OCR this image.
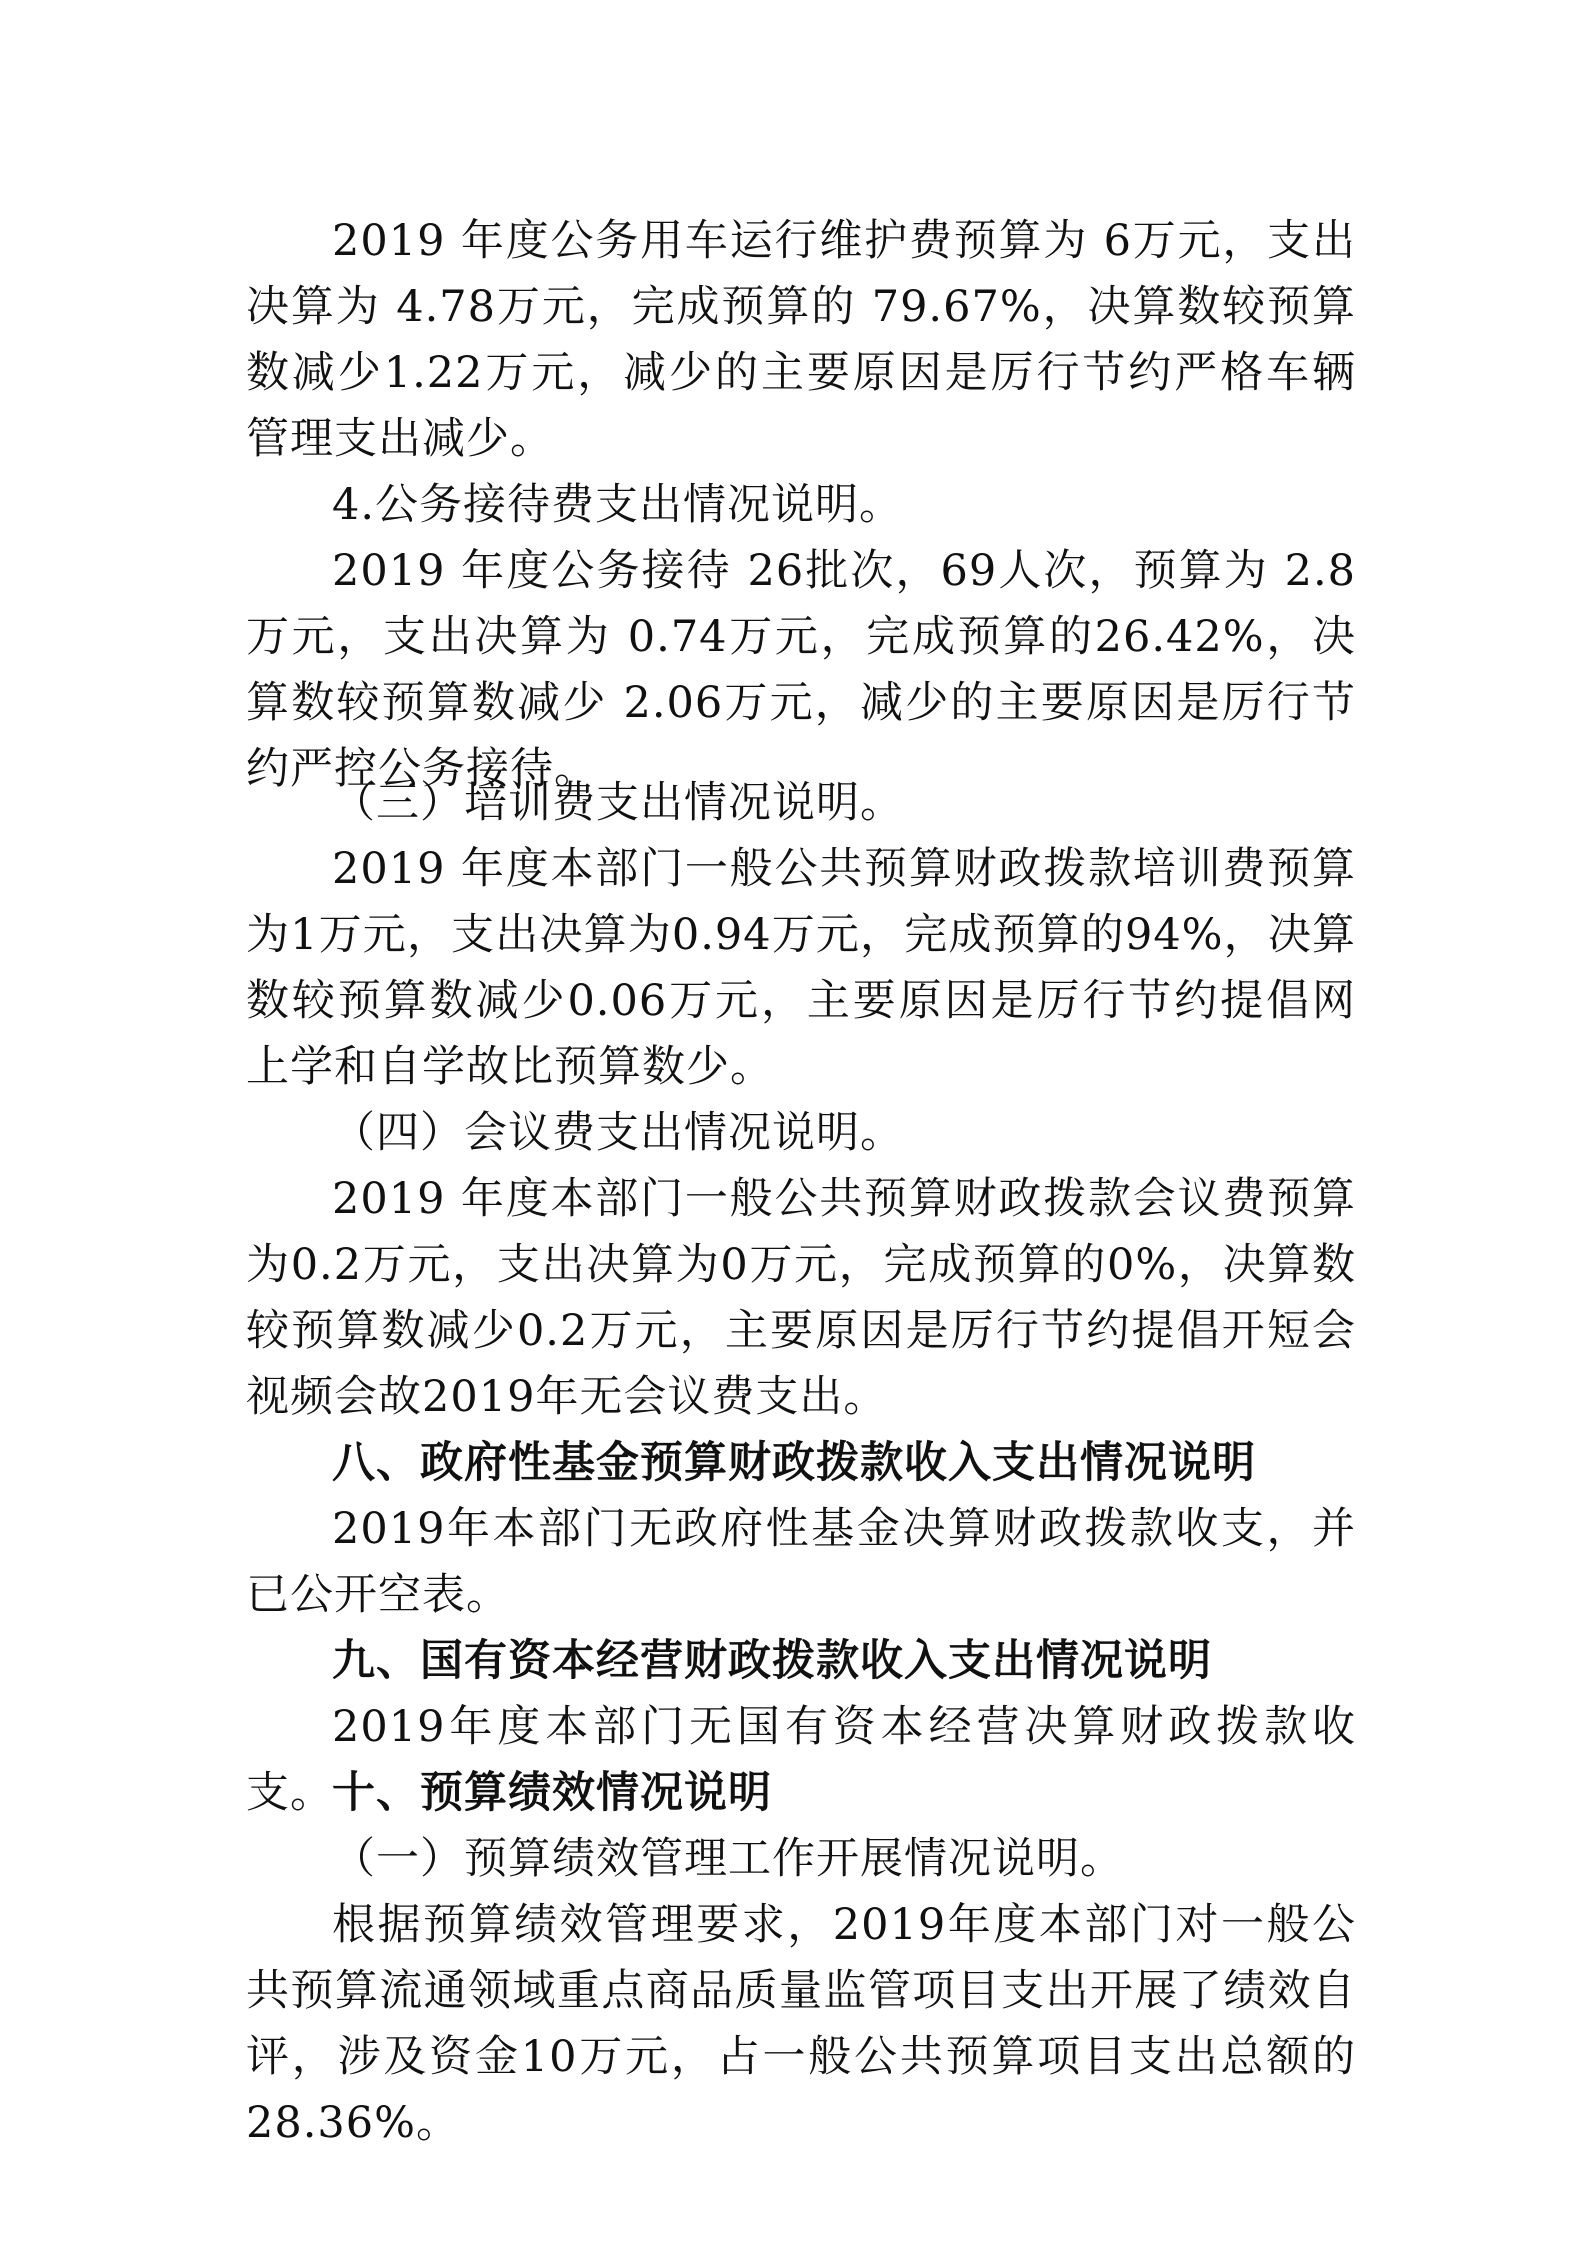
2019 年度公务用车运行维护费预算为 6万元，支出决算为 4.78万元，完成预算的 79.67%，决算数较预算数减少1.22万元，减少的主要原因是厉行节约严格车辆管理支出减少。

4.公务接待费支出情况说明。

2019 年度公务接待 26批次，69人次，预算为 2.8万元，支出决算为 0.74万元，完成预算的26.42%，决算数较预算数减少 2.06万元，减少的主要原因是厉行节约严控公务接待。

（三）培训费支出情况说明。

2019 年度本部门一般公共预算财政拨款培训费预算为1万元，支出决算为0.94万元，完成预算的94%，决算数较预算数减少0.06万元，主要原因是厉行节约提倡网上学和自学故比预算数少。

（四）会议费支出情况说明。

2019 年度本部门一般公共预算财政拨款会议费预算为0.2万元，支出决算为0万元，完成预算的0%，决算数较预算数减少0.2万元，主要原因是厉行节约提倡开短会视频会故2019年无会议费支出。

八、政府性基金预算财政拨款收入支出情况说明

2019年本部门无政府性基金决算财政拨款收支，并已公开空表。

九、国有资本经营财政拨款收入支出情况说明

2019年度本部门无国有资本经营决算财政拨款收支。

十、预算绩效情况说明

（一）预算绩效管理工作开展情况说明。

根据预算绩效管理要求，2019年度本部门对一般公共预算流通领域重点商品质量监管项目支出开展了绩效自评，涉及资金10万元，占一般公共预算项目支出总额的28.36%。
